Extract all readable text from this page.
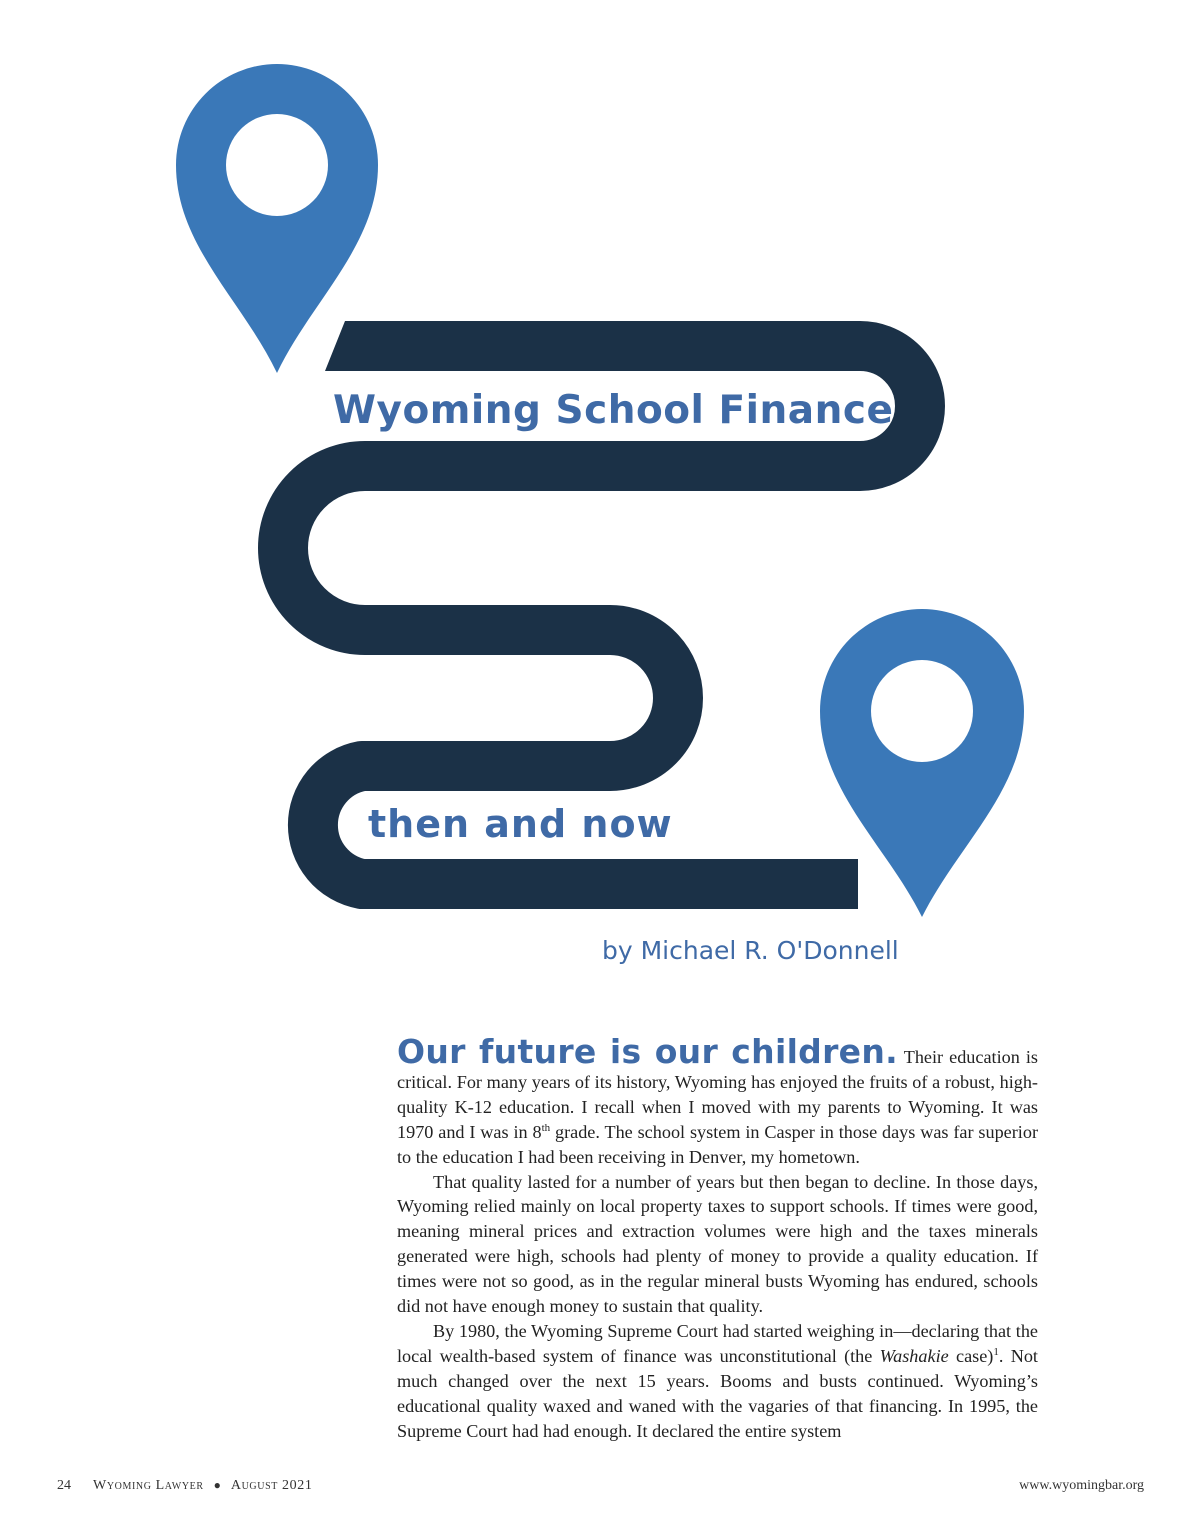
Wyoming School Finance
then and now
by Michael R. O'Donnell

Our future is our children. Their education is critical. For many years of its history, Wyoming has enjoyed the fruits of a robust, high-quality K-12 education. I recall when I moved with my parents to Wyoming. It was 1970 and I was in 8th grade. The school system in Casper in those days was far superior to the education I had been receiving in Denver, my hometown.

That quality lasted for a number of years but then began to decline. In those days, Wyoming relied mainly on local property taxes to support schools. If times were good, meaning mineral prices and extraction volumes were high and the taxes minerals generated were high, schools had plenty of money to provide a quality education. If times were not so good, as in the regular mineral busts Wyoming has endured, schools did not have enough money to sustain that quality.

By 1980, the Wyoming Supreme Court had started weighing in—declaring that the local wealth-based system of finance was unconstitutional (the Washakie case)$^1$. Not much changed over the next 15 years. Booms and busts continued. Wyoming’s educational quality waxed and waned with the vagaries of that financing. In 1995, the Supreme Court had had enough. It declared the entire system

24 Wyoming Lawyer ● August 2021	www.wyomingbar.org
